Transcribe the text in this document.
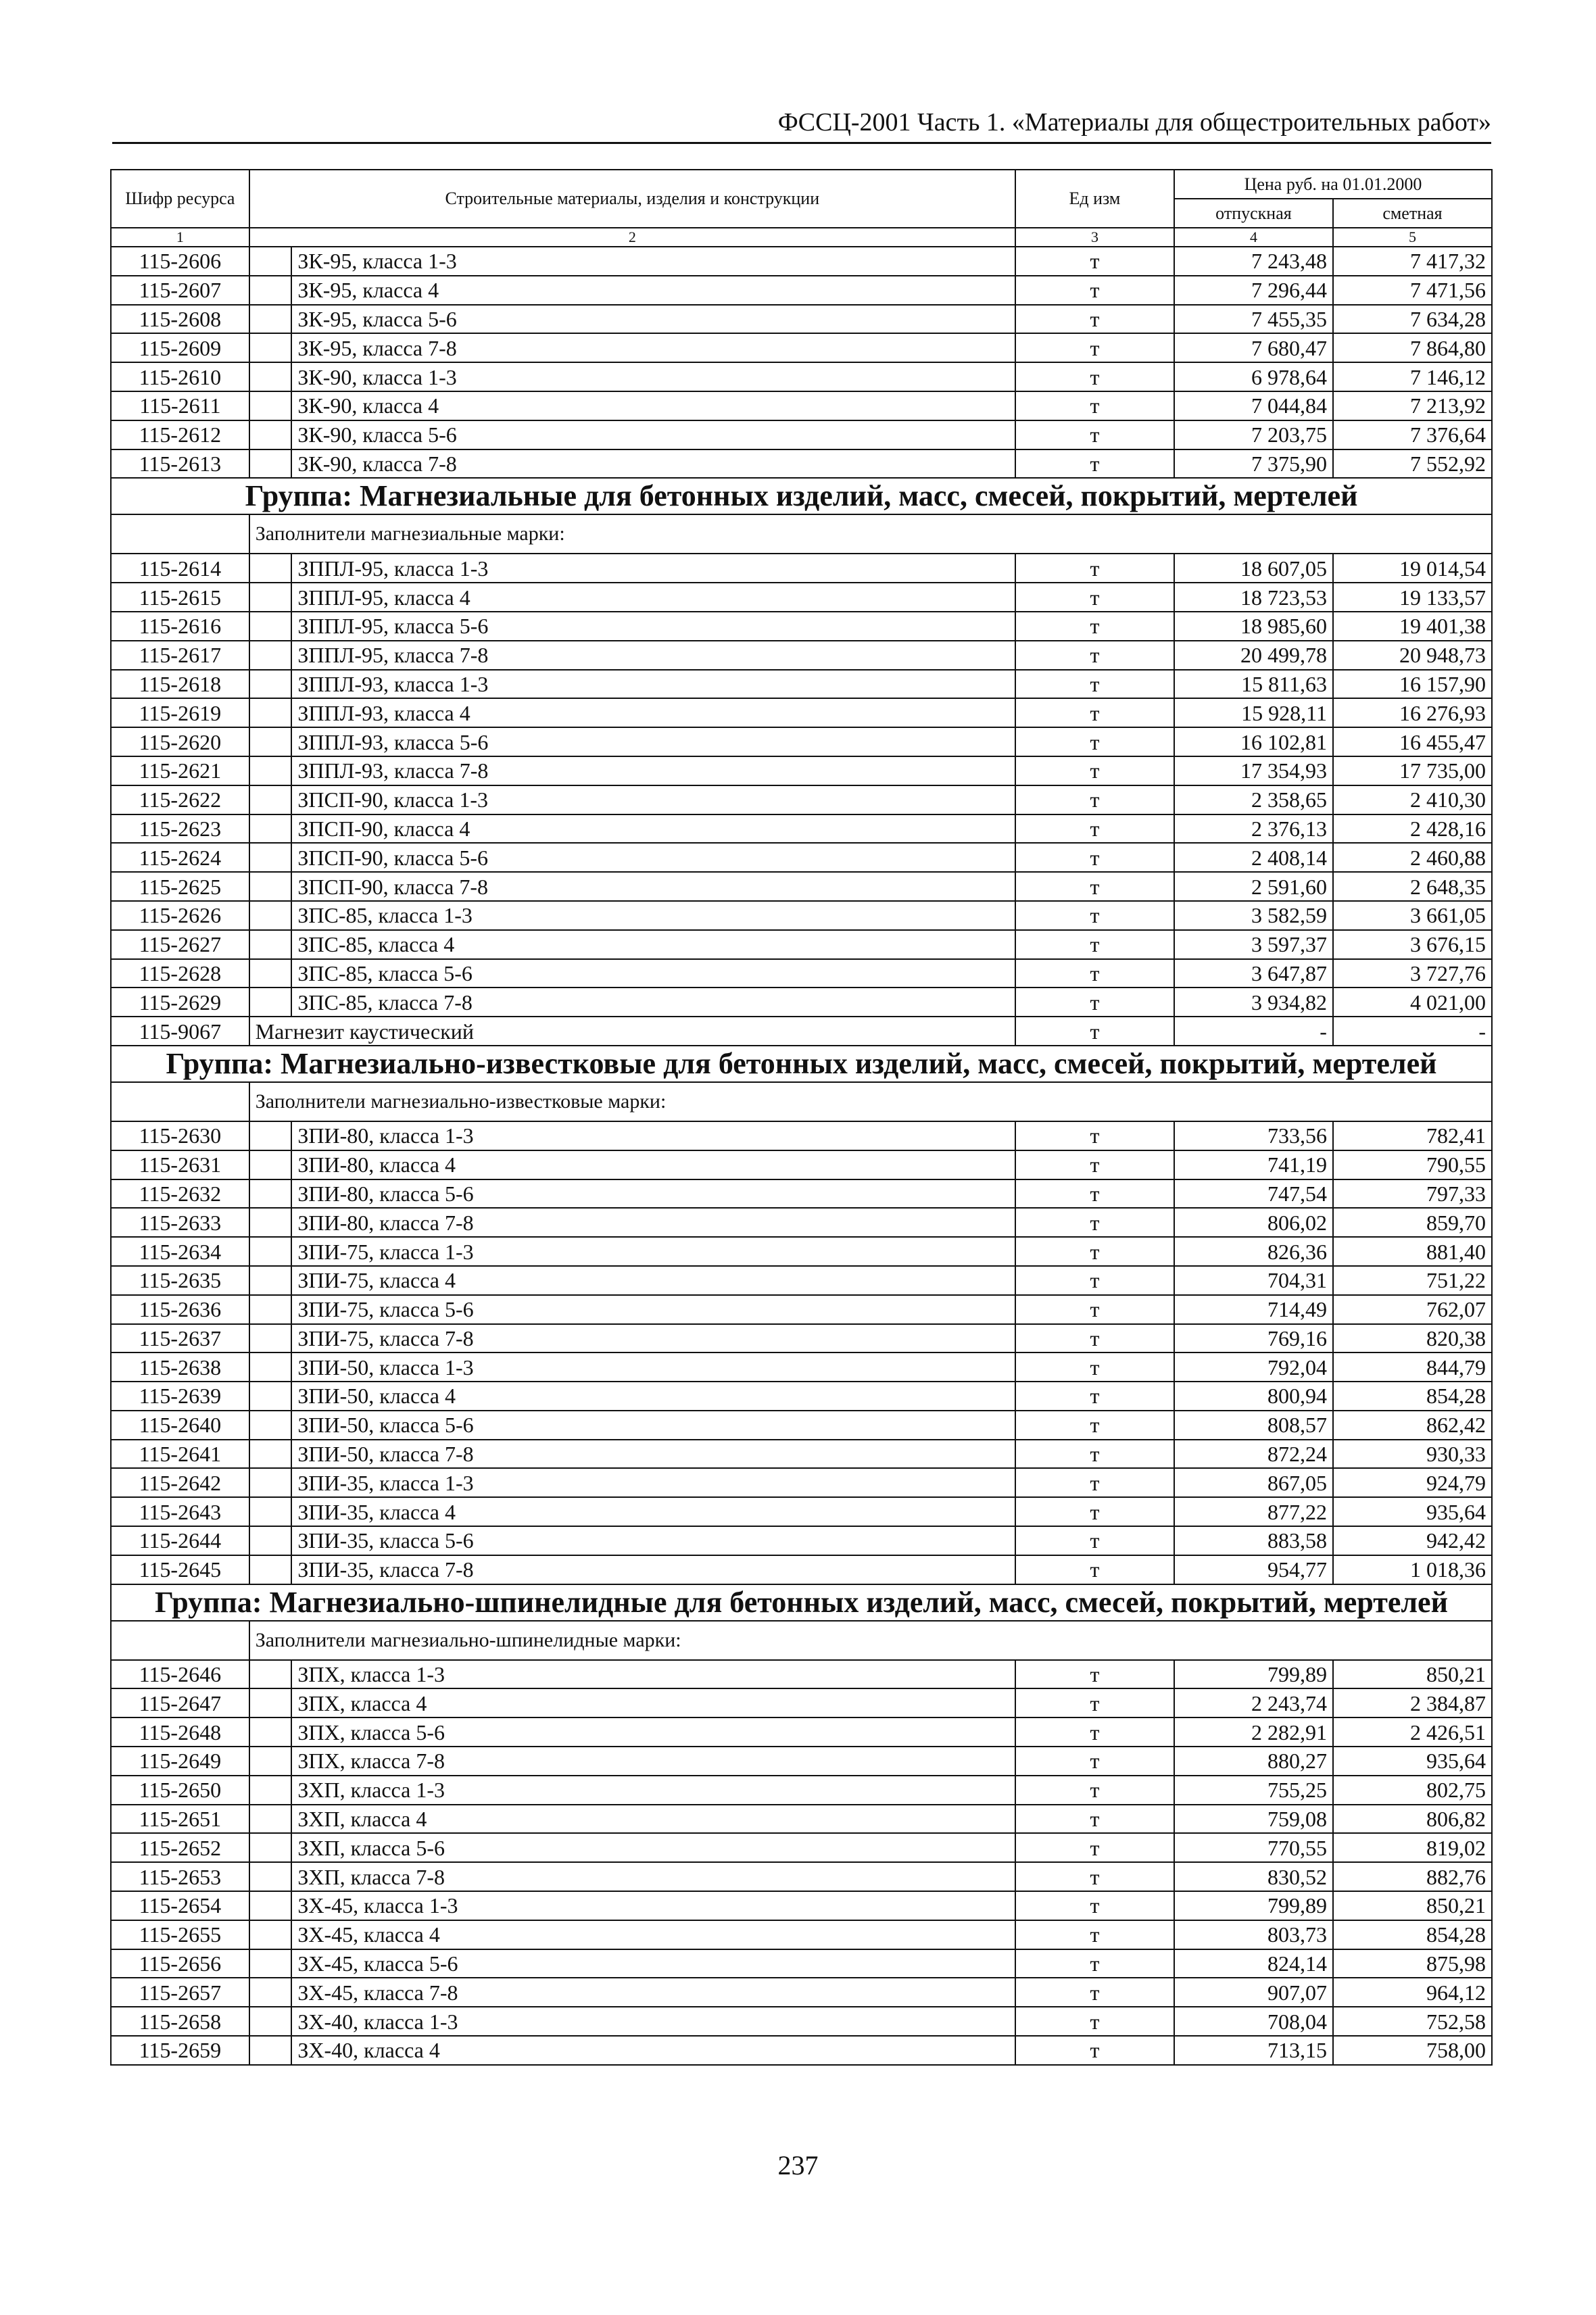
ФССЦ-2001 Часть 1. «Материалы для общестроительных работ»
Шифр ресурса	Строительные материалы, изделия и конструкции		Ед изм	Цена руб. на 01.01.2000	
				отпускная	сметная
1	2		3	4	5
115-2606		ЗК-95, класса 1-3	т	7 243,48	7 417,32
115-2607		ЗК-95, класса 4	т	7 296,44	7 471,56
115-2608		ЗК-95, класса 5-6	т	7 455,35	7 634,28
115-2609		ЗК-95, класса 7-8	т	7 680,47	7 864,80
115-2610		ЗК-90, класса 1-3	т	6 978,64	7 146,12
115-2611		ЗК-90, класса 4	т	7 044,84	7 213,92
115-2612		ЗК-90, класса 5-6	т	7 203,75	7 376,64
115-2613		ЗК-90, класса 7-8	т	7 375,90	7 552,92
Группа: Магнезиальные для бетонных изделий, масс, смесей, покрытий, мертелей					
	Заполнители магнезиальные марки:				
115-2614		ЗППЛ-95, класса 1-3	т	18 607,05	19 014,54
115-2615		ЗППЛ-95, класса 4	т	18 723,53	19 133,57
115-2616		ЗППЛ-95, класса 5-6	т	18 985,60	19 401,38
115-2617		ЗППЛ-95, класса 7-8	т	20 499,78	20 948,73
115-2618		ЗППЛ-93, класса 1-3	т	15 811,63	16 157,90
115-2619		ЗППЛ-93, класса 4	т	15 928,11	16 276,93
115-2620		ЗППЛ-93, класса 5-6	т	16 102,81	16 455,47
115-2621		ЗППЛ-93, класса 7-8	т	17 354,93	17 735,00
115-2622		ЗПСП-90, класса 1-3	т	2 358,65	2 410,30
115-2623		ЗПСП-90, класса 4	т	2 376,13	2 428,16
115-2624		ЗПСП-90, класса 5-6	т	2 408,14	2 460,88
115-2625		ЗПСП-90, класса 7-8	т	2 591,60	2 648,35
115-2626		ЗПС-85, класса 1-3	т	3 582,59	3 661,05
115-2627		ЗПС-85, класса 4	т	3 597,37	3 676,15
115-2628		ЗПС-85, класса 5-6	т	3 647,87	3 727,76
115-2629		ЗПС-85, класса 7-8	т	3 934,82	4 021,00
115-9067	Магнезит каустический		т	-	-
Группа: Магнезиально-известковые для бетонных изделий, масс, смесей, покрытий, мертелей					
	Заполнители магнезиально-известковые марки:				
115-2630		ЗПИ-80, класса 1-3	т	733,56	782,41
115-2631		ЗПИ-80, класса 4	т	741,19	790,55
115-2632		ЗПИ-80, класса 5-6	т	747,54	797,33
115-2633		ЗПИ-80, класса 7-8	т	806,02	859,70
115-2634		ЗПИ-75, класса 1-3	т	826,36	881,40
115-2635		ЗПИ-75, класса 4	т	704,31	751,22
115-2636		ЗПИ-75, класса 5-6	т	714,49	762,07
115-2637		ЗПИ-75, класса 7-8	т	769,16	820,38
115-2638		ЗПИ-50, класса 1-3	т	792,04	844,79
115-2639		ЗПИ-50, класса 4	т	800,94	854,28
115-2640		ЗПИ-50, класса 5-6	т	808,57	862,42
115-2641		ЗПИ-50, класса 7-8	т	872,24	930,33
115-2642		ЗПИ-35, класса 1-3	т	867,05	924,79
115-2643		ЗПИ-35, класса 4	т	877,22	935,64
115-2644		ЗПИ-35, класса 5-6	т	883,58	942,42
115-2645		ЗПИ-35, класса 7-8	т	954,77	1 018,36
Группа: Магнезиально-шпинелидные для бетонных изделий, масс, смесей, покрытий, мертелей					
	Заполнители магнезиально-шпинелидные марки:				
115-2646		ЗПХ, класса 1-3	т	799,89	850,21
115-2647		ЗПХ, класса 4	т	2 243,74	2 384,87
115-2648		ЗПХ, класса 5-6	т	2 282,91	2 426,51
115-2649		ЗПХ, класса 7-8	т	880,27	935,64
115-2650		ЗХП, класса 1-3	т	755,25	802,75
115-2651		ЗХП, класса 4	т	759,08	806,82
115-2652		ЗХП, класса 5-6	т	770,55	819,02
115-2653		ЗХП, класса 7-8	т	830,52	882,76
115-2654		ЗХ-45, класса 1-3	т	799,89	850,21
115-2655		ЗХ-45, класса 4	т	803,73	854,28
115-2656		ЗХ-45, класса 5-6	т	824,14	875,98
115-2657		ЗХ-45, класса 7-8	т	907,07	964,12
115-2658		ЗХ-40, класса 1-3	т	708,04	752,58
115-2659		ЗХ-40, класса 4	т	713,15	758,00
237
